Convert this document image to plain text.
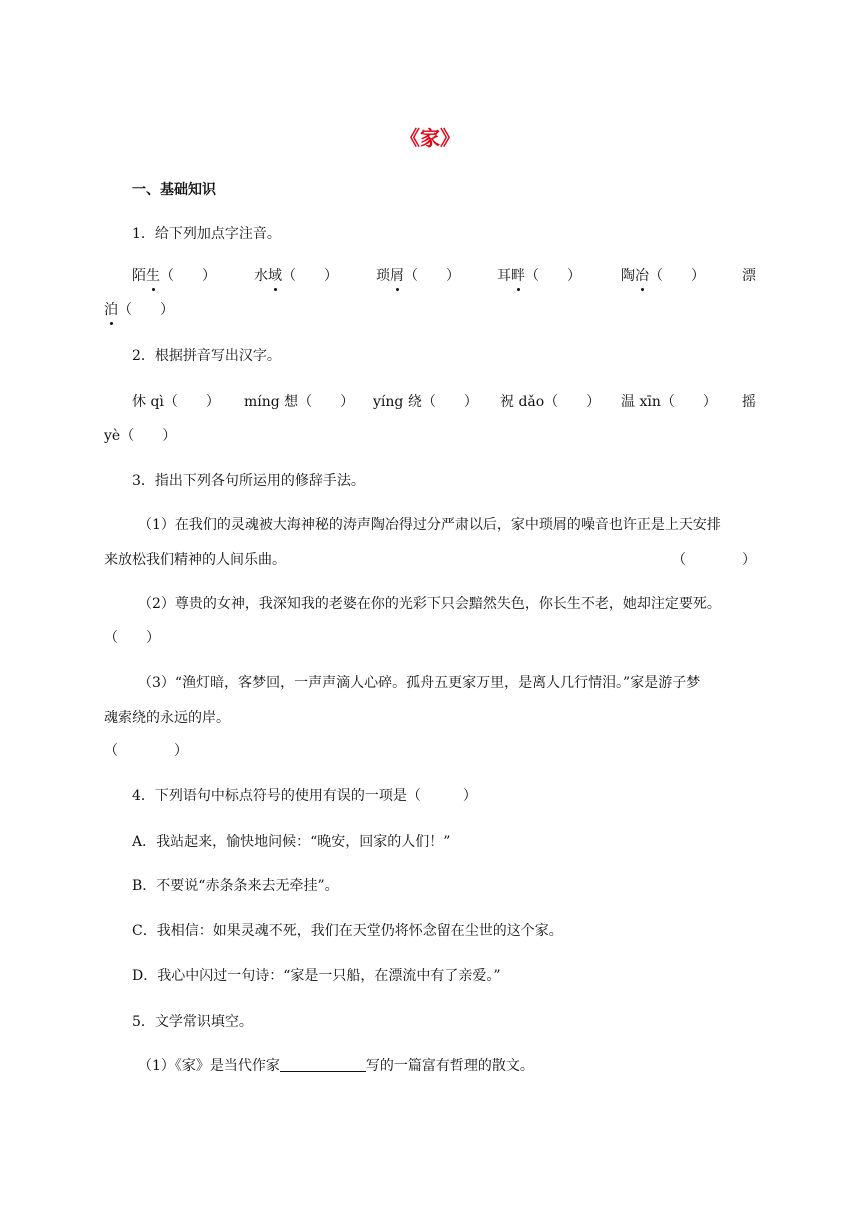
《家》
一、基础知识
1．给下列加点字注音。
陌生（　　）	水域（　　）	琐屑（　　）	耳畔（　　）	陶冶（　　）	漂
泊（　　）
2．根据拼音写出汉字。
休 qì（　　） míng 想（　　） yíng 绕（　　） 祝 dǎo（　　） 温 xīn（　　） 摇
yè（　　）
3．指出下列各句所运用的修辞手法。
（1）在我们的灵魂被大海神秘的涛声陶冶得过分严肃以后，家中琐屑的噪音也许正是上天安排
来放松我们精神的人间乐曲。	（　　　　）
（2）尊贵的女神，我深知我的老婆在你的光彩下只会黯然失色，你长生不老，她却注定要死。
（　　）
（3）“渔灯暗，客梦回，一声声滴人心碎。孤舟五更家万里，是离人几行情泪。”家是游子梦
魂索绕的永远的岸。
（　　　　）
4．下列语句中标点符号的使用有误的一项是（　　　）
A．我站起来，愉快地问候：“晚安，回家的人们！”
B．不要说“赤条条来去无牵挂”。
C．我相信：如果灵魂不死，我们在天堂仍将怀念留在尘世的这个家。
D．我心中闪过一句诗：“家是一只船，在漂流中有了亲爱。”
5．文学常识填空。
（1）《家》是当代作家	写的一篇富有哲理的散文。
